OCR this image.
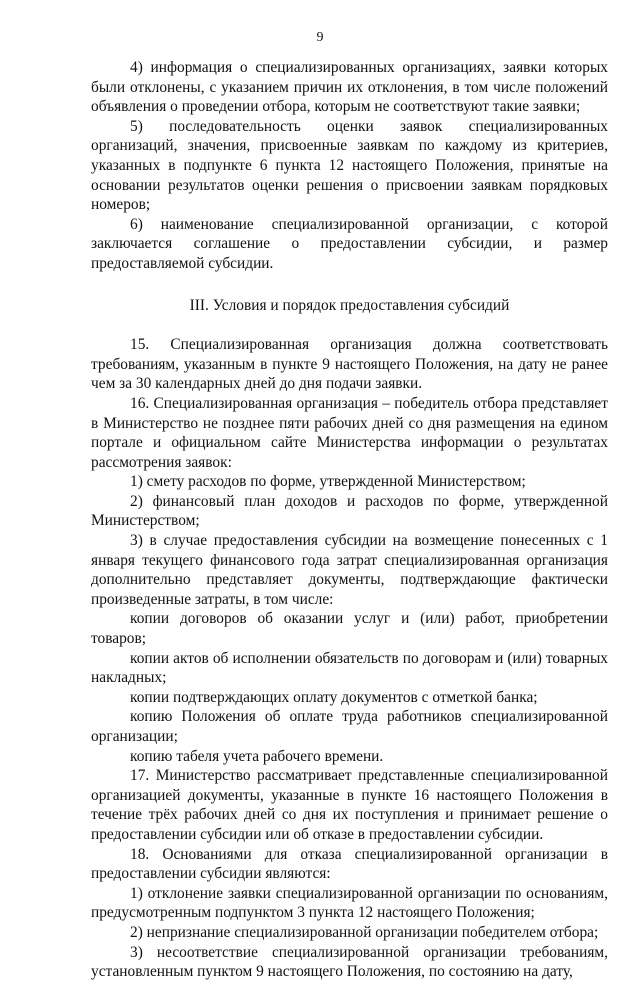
9

4) информация о специализированных организациях, заявки которых были отклонены, с указанием причин их отклонения, в том числе положений объявления о проведении отбора, которым не соответствуют такие заявки;

5) последовательность оценки заявок специализированных организаций, значения, присвоенные заявкам по каждому из критериев, указанных в подпункте 6 пункта 12 настоящего Положения, принятые на основании результатов оценки решения о присвоении заявкам порядковых номеров;

6) наименование специализированной организации, с которой заключается соглашение о предоставлении субсидии, и размер предоставляемой субсидии.

III. Условия и порядок предоставления субсидий

15. Специализированная организация должна соответствовать требованиям, указанным в пункте 9 настоящего Положения, на дату не ранее чем за 30 календарных дней до дня подачи заявки.

16. Специализированная организация – победитель отбора представляет в Министерство не позднее пяти рабочих дней со дня размещения на едином портале и официальном сайте Министерства информации о результатах рассмотрения заявок:

1) смету расходов по форме, утвержденной Министерством;

2) финансовый план доходов и расходов по форме, утвержденной Министерством;

3) в случае предоставления субсидии на возмещение понесенных с 1 января текущего финансового года затрат специализированная организация дополнительно представляет документы, подтверждающие фактически произведенные затраты, в том числе:

копии договоров об оказании услуг и (или) работ, приобретении товаров;

копии актов об исполнении обязательств по договорам и (или) товарных накладных;

копии подтверждающих оплату документов с отметкой банка;

копию Положения об оплате труда работников специализированной организации;

копию табеля учета рабочего времени.

17. Министерство рассматривает представленные специализированной организацией документы, указанные в пункте 16 настоящего Положения в течение трёх рабочих дней со дня их поступления и принимает решение о предоставлении субсидии или об отказе в предоставлении субсидии.

18. Основаниями для отказа специализированной организации в предоставлении субсидии являются:

1) отклонение заявки специализированной организации по основаниям, предусмотренным подпунктом 3 пункта 12 настоящего Положения;

2) непризнание специализированной организации победителем отбора;

3) несоответствие специализированной организации требованиям, установленным пунктом 9 настоящего Положения, по состоянию на дату,
